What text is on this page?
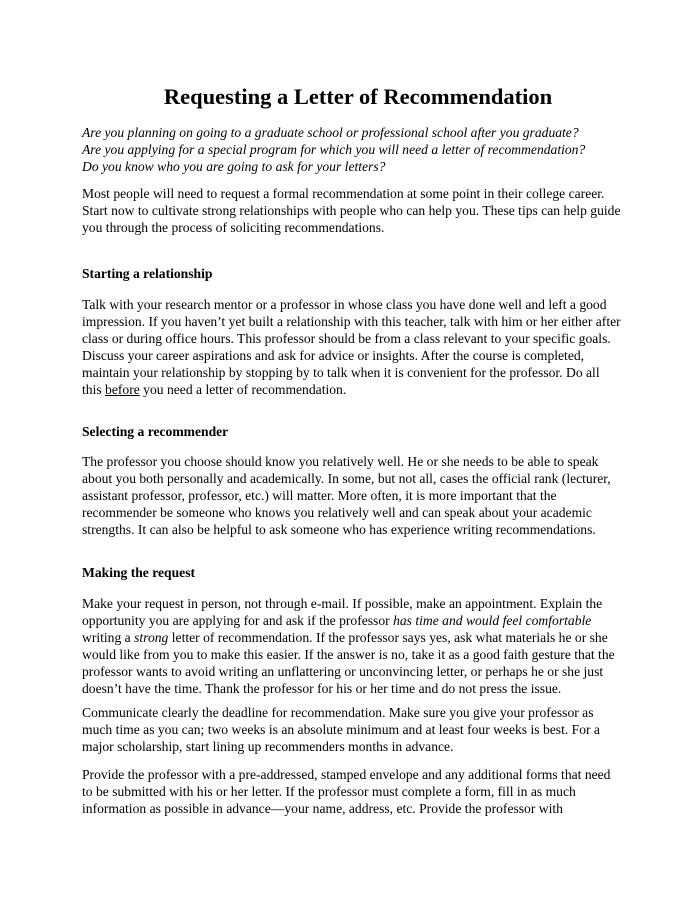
Requesting a Letter of Recommendation

Are you planning on going to a graduate school or professional school after you graduate?

Are you applying for a special program for which you will need a letter of recommendation?

Do you know who you are going to ask for your letters?

Most people will need to request a formal recommendation at some point in their college career. Start now to cultivate strong relationships with people who can help you. These tips can help guide you through the process of soliciting recommendations.

Starting a relationship

Talk with your research mentor or a professor in whose class you have done well and left a good impression. If you haven’t yet built a relationship with this teacher, talk with him or her either after class or during office hours. This professor should be from a class relevant to your specific goals. Discuss your career aspirations and ask for advice or insights. After the course is completed, maintain your relationship by stopping by to talk when it is convenient for the professor. Do all this before you need a letter of recommendation.

Selecting a recommender

The professor you choose should know you relatively well. He or she needs to be able to speak about you both personally and academically. In some, but not all, cases the official rank (lecturer, assistant professor, professor, etc.) will matter. More often, it is more important that the recommender be someone who knows you relatively well and can speak about your academic strengths. It can also be helpful to ask someone who has experience writing recommendations.

Making the request

Make your request in person, not through e-mail. If possible, make an appointment. Explain the opportunity you are applying for and ask if the professor has time and would feel comfortable writing a strong letter of recommendation. If the professor says yes, ask what materials he or she would like from you to make this easier. If the answer is no, take it as a good faith gesture that the professor wants to avoid writing an unflattering or unconvincing letter, or perhaps he or she just doesn’t have the time. Thank the professor for his or her time and do not press the issue.

Communicate clearly the deadline for recommendation. Make sure you give your professor as much time as you can; two weeks is an absolute minimum and at least four weeks is best. For a major scholarship, start lining up recommenders months in advance.

Provide the professor with a pre-addressed, stamped envelope and any additional forms that need to be submitted with his or her letter. If the professor must complete a form, fill in as much information as possible in advance—your name, address, etc. Provide the professor with
